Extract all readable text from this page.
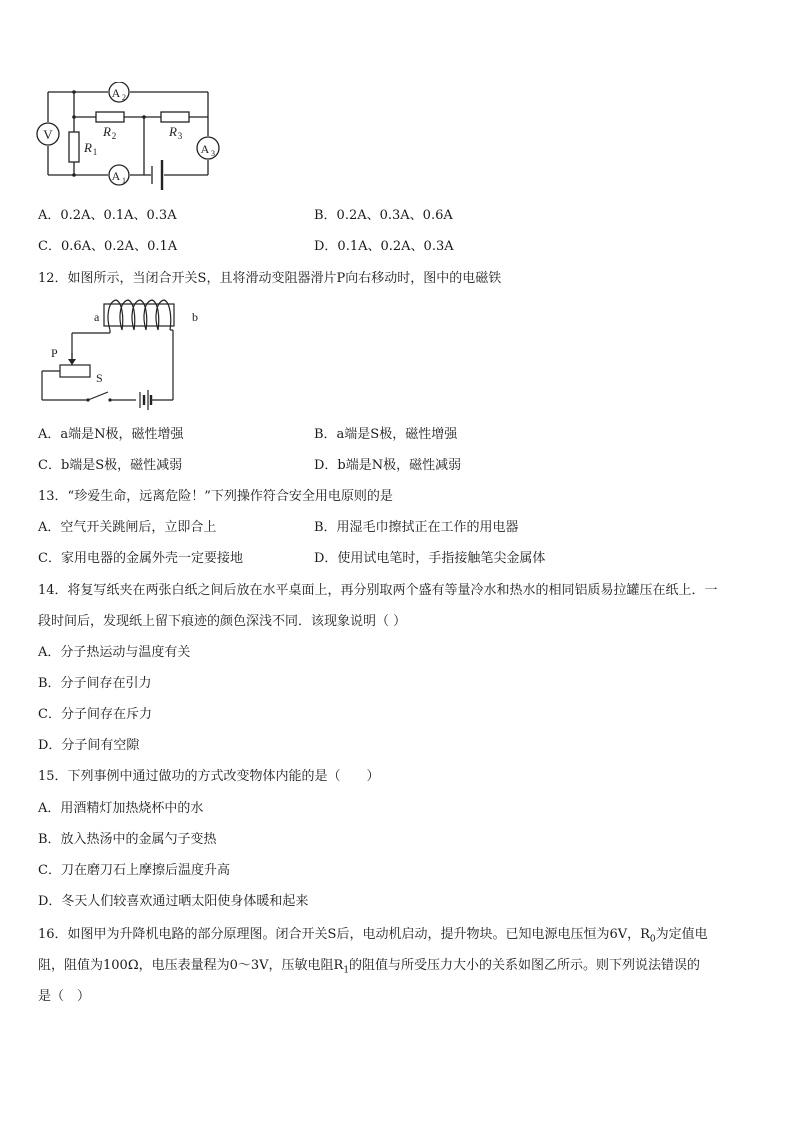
V
A 2
A 1
A 3
R 1
R 2	R 3
A．0.2A、0.1A、0.3A	B．0.2A、0.3A、0.6A
C．0.6A、0.2A、0.1A	D．0.1A、0.2A、0.3A
12．如图所示，当闭合开关S，且将滑动变阻器滑片P向右移动时，图中的电磁铁
a	b
P
S
A．a端是N极，磁性增强	B．a端是S极，磁性增强
C．b端是S极，磁性减弱	D．b端是N极，磁性减弱
13．“珍爱生命，远离危险！”下列操作符合安全用电原则的是
A．空气开关跳闸后，立即合上	B．用湿毛巾擦拭正在工作的用电器
C．家用电器的金属外壳一定要接地	D．使用试电笔时，手指接触笔尖金属体
14．将复写纸夹在两张白纸之间后放在水平桌面上，再分别取两个盛有等量冷水和热水的相同铝质易拉罐压在纸上．一
段时间后，发现纸上留下痕迹的颜色深浅不同．该现象说明（ ）
A．分子热运动与温度有关
B．分子间存在引力
C．分子间存在斥力
D．分子间有空隙
15．下列事例中通过做功的方式改变物体内能的是（　　）
A．用酒精灯加热烧杯中的水
B．放入热汤中的金属勺子变热
C．刀在磨刀石上摩擦后温度升高
D．冬天人们较喜欢通过晒太阳使身体暖和起来
16．如图甲为升降机电路的部分原理图。闭合开关S后，电动机启动，提升物块。已知电源电压恒为6V，$R_0$为定值电
阻，阻值为100Ω，电压表量程为0～3V，压敏电阻$R_1$的阻值与所受压力大小的关系如图乙所示。则下列说法错误的
是（　）
